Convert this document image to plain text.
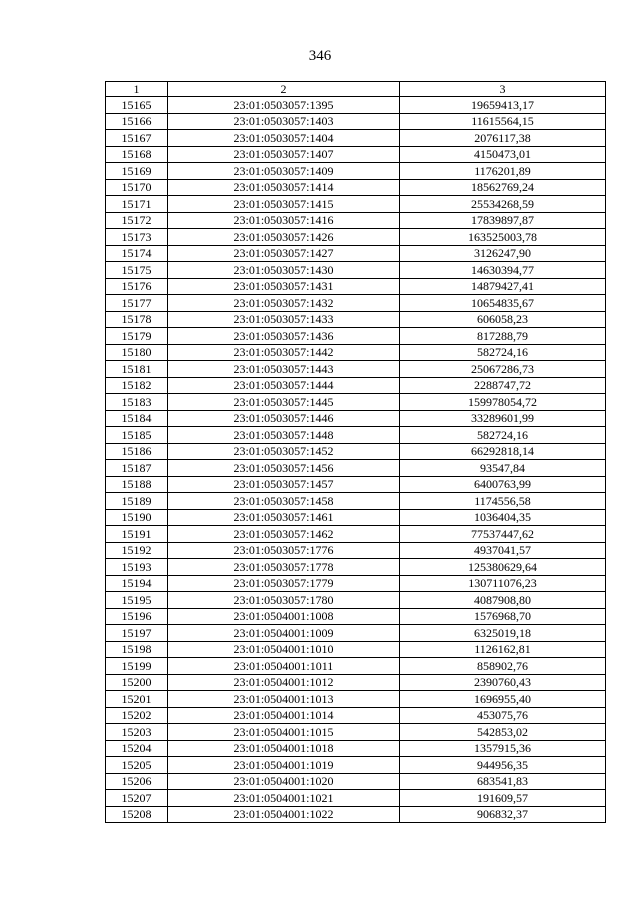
346
1	2	3
15165	23:01:0503057:1395	19659413,17
15166	23:01:0503057:1403	11615564,15
15167	23:01:0503057:1404	2076117,38
15168	23:01:0503057:1407	4150473,01
15169	23:01:0503057:1409	1176201,89
15170	23:01:0503057:1414	18562769,24
15171	23:01:0503057:1415	25534268,59
15172	23:01:0503057:1416	17839897,87
15173	23:01:0503057:1426	163525003,78
15174	23:01:0503057:1427	3126247,90
15175	23:01:0503057:1430	14630394,77
15176	23:01:0503057:1431	14879427,41
15177	23:01:0503057:1432	10654835,67
15178	23:01:0503057:1433	606058,23
15179	23:01:0503057:1436	817288,79
15180	23:01:0503057:1442	582724,16
15181	23:01:0503057:1443	25067286,73
15182	23:01:0503057:1444	2288747,72
15183	23:01:0503057:1445	159978054,72
15184	23:01:0503057:1446	33289601,99
15185	23:01:0503057:1448	582724,16
15186	23:01:0503057:1452	66292818,14
15187	23:01:0503057:1456	93547,84
15188	23:01:0503057:1457	6400763,99
15189	23:01:0503057:1458	1174556,58
15190	23:01:0503057:1461	1036404,35
15191	23:01:0503057:1462	77537447,62
15192	23:01:0503057:1776	4937041,57
15193	23:01:0503057:1778	125380629,64
15194	23:01:0503057:1779	130711076,23
15195	23:01:0503057:1780	4087908,80
15196	23:01:0504001:1008	1576968,70
15197	23:01:0504001:1009	6325019,18
15198	23:01:0504001:1010	1126162,81
15199	23:01:0504001:1011	858902,76
15200	23:01:0504001:1012	2390760,43
15201	23:01:0504001:1013	1696955,40
15202	23:01:0504001:1014	453075,76
15203	23:01:0504001:1015	542853,02
15204	23:01:0504001:1018	1357915,36
15205	23:01:0504001:1019	944956,35
15206	23:01:0504001:1020	683541,83
15207	23:01:0504001:1021	191609,57
15208	23:01:0504001:1022	906832,37
